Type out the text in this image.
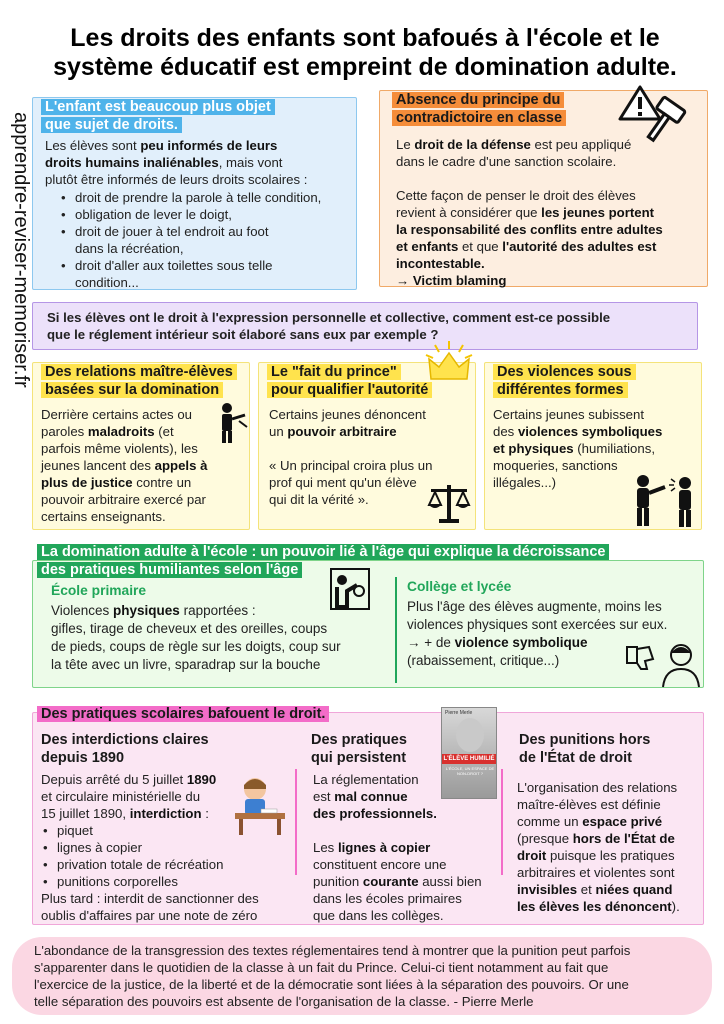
Les droits des enfants sont bafoués à l'école et le
système éducatif est empreint de domination adulte.
apprendre-reviser-memoriser.fr
L'enfant est beaucoup plus objet
que sujet de droits.
Les élèves sont peu informés de leurs
droits humains inaliénables, mais vont
plutôt être informés de leurs droits scolaires :
• droit de prendre la parole à telle condition,
• obligation de lever le doigt,
• droit de jouer à tel endroit au foot
dans la récréation,
• droit d'aller aux toilettes sous telle
condition...
Absence du principe du
contradictoire en classe
Le droit de la défense est peu appliqué
dans le cadre d'une sanction scolaire.
Cette façon de penser le droit des élèves
revient à considérer que les jeunes portent
la responsabilité des conflits entre adultes
et enfants et que l'autorité des adultes est
incontestable.
→ Victim blaming
Si les élèves ont le droit à l'expression personnelle et collective, comment est-ce possible
que le réglement intérieur soit élaboré sans eux par exemple ?
Des relations maître-élèves
basées sur la domination
Derrière certains actes ou
paroles maladroits (et
parfois même violents), les
jeunes lancent des appels à
plus de justice contre un
pouvoir arbitraire exercé par
certains enseignants.
Le "fait du prince"
pour qualifier l'autorité
Certains jeunes dénoncent
un pouvoir arbitraire
« Un principal croira plus un
prof qui ment qu'un élève
qui dit la vérité ».
Des violences sous
différentes formes
Certains jeunes subissent
des violences symboliques
et physiques (humiliations,
moqueries, sanctions
illégales...)
La domination adulte à l'école : un pouvoir lié à l'âge qui explique la décroissance
des pratiques humiliantes selon l'âge
École primaire
Violences physiques rapportées :
gifles, tirage de cheveux et des oreilles, coups
de pieds, coups de règle sur les doigts, coup sur
la tête avec un livre, sparadrap sur la bouche
Collège et lycée
Plus l'âge des élèves augmente, moins les
violences physiques sont exercées sur eux.
→ + de violence symbolique
(rabaissement, critique...)
Des pratiques scolaires bafouent le droit.
Des interdictions claires
depuis 1890
Depuis arrêté du 5 juillet 1890
et circulaire ministérielle du
15 juillet 1890, interdiction :
• piquet
• lignes à copier
• privation totale de récréation
• punitions corporelles
Plus tard : interdit de sanctionner des
oublis d'affaires par une note de zéro
Des pratiques
qui persistent
Pierre Merle
L'ÉLÈVE HUMILIÉ
L'ÉCOLE, UN ESPACE DE NON-DROIT ?
La réglementation
est mal connue
des professionnels.
Les lignes à copier
constituent encore une
punition courante aussi bien
dans les écoles primaires
que dans les collèges.
Des punitions hors
de l'État de droit
L'organisation des relations
maître-élèves est définie
comme un espace privé
(presque hors de l'État de
droit puisque les pratiques
arbitraires et violentes sont
invisibles et niées quand
les élèves les dénoncent).
L'abondance de la transgression des textes réglementaires tend à montrer que la punition peut parfois
s'apparenter dans le quotidien de la classe à un fait du Prince. Celui-ci tient notamment au fait que
l'exercice de la justice, de la liberté et de la démocratie sont liées à la séparation des pouvoirs. Or une
telle séparation des pouvoirs est absente de l'organisation de la classe. - Pierre Merle
